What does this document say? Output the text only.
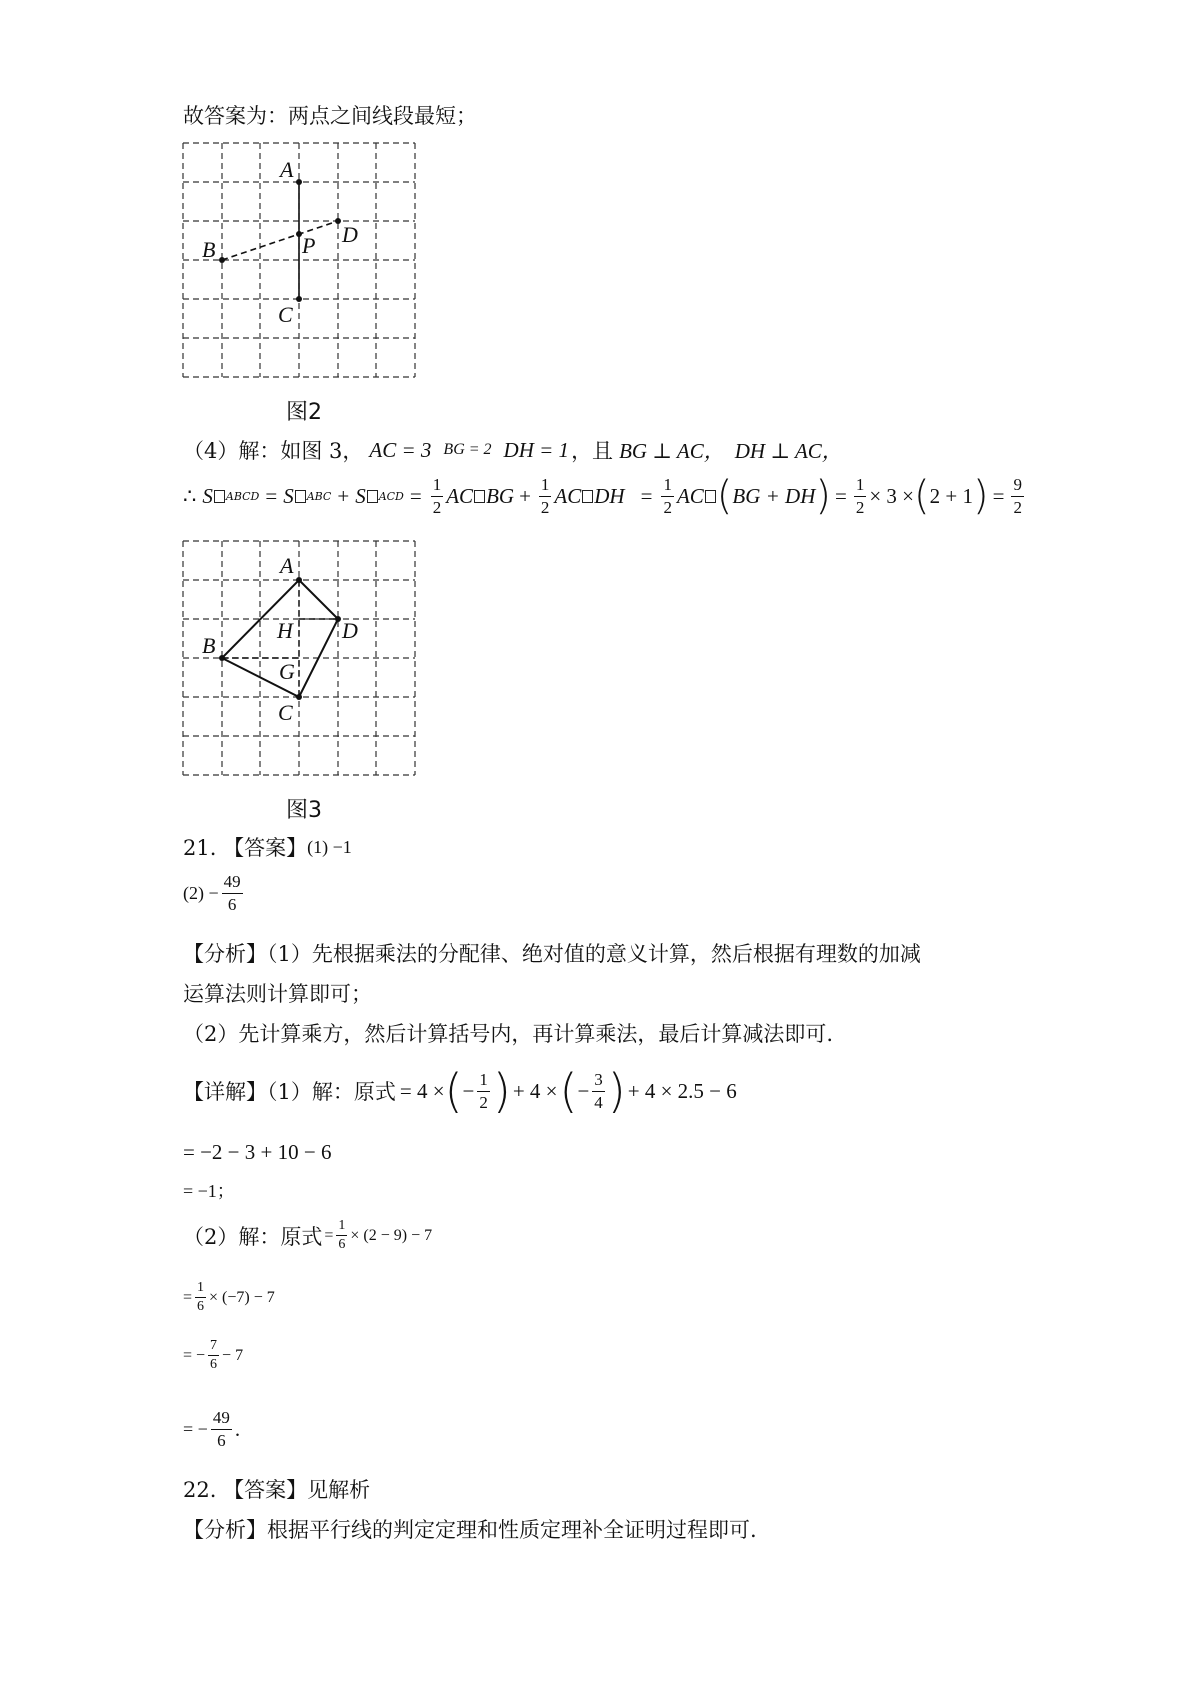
故答案为：两点之间线段最短；
A
B
C
D
P
图2
（4）解：如图 3， AC = 3 BG = 2 DH = 1 ，且 BG ⊥ AC， DH ⊥ AC，
∴ S ABCD = S ABC + S ACD = $\frac{1}{2}$ AC BG + $\frac{1}{2}$ AC DH = $\frac{1}{2}$ AC ( BG + DH ) = $\frac{1}{2} \times 3$ × ( 2 + 1 ) = $\frac{9}{2}$
A
B
C
D
H
G
图3
21. 【答案】 (1) −1
$(2) - \frac{49}{6}$
【分析】（1）先根据乘法的分配律、绝对值的意义计算，然后根据有理数的加减
运算法则计算即可；
（2）先计算乘方，然后计算括号内，再计算乘法，最后计算减法即可.
【详解】（1）解：原式 = 4 × ( − $\frac{1}{2}$ ) + 4 × ( − $\frac{3}{4}$ ) + 4 × 2.5 − 6
= −2 − 3 + 10 − 6
= −1；
（2）解：原式 = $\frac{1}{6} \times (2 - 9) - 7$
= $\frac{1}{6} \times (-7) - 7$
= − $\frac{7}{6} - 7$
= − $\frac{49}{6}$ .
22. 【答案】见解析
【分析】根据平行线的判定定理和性质定理补全证明过程即可.
